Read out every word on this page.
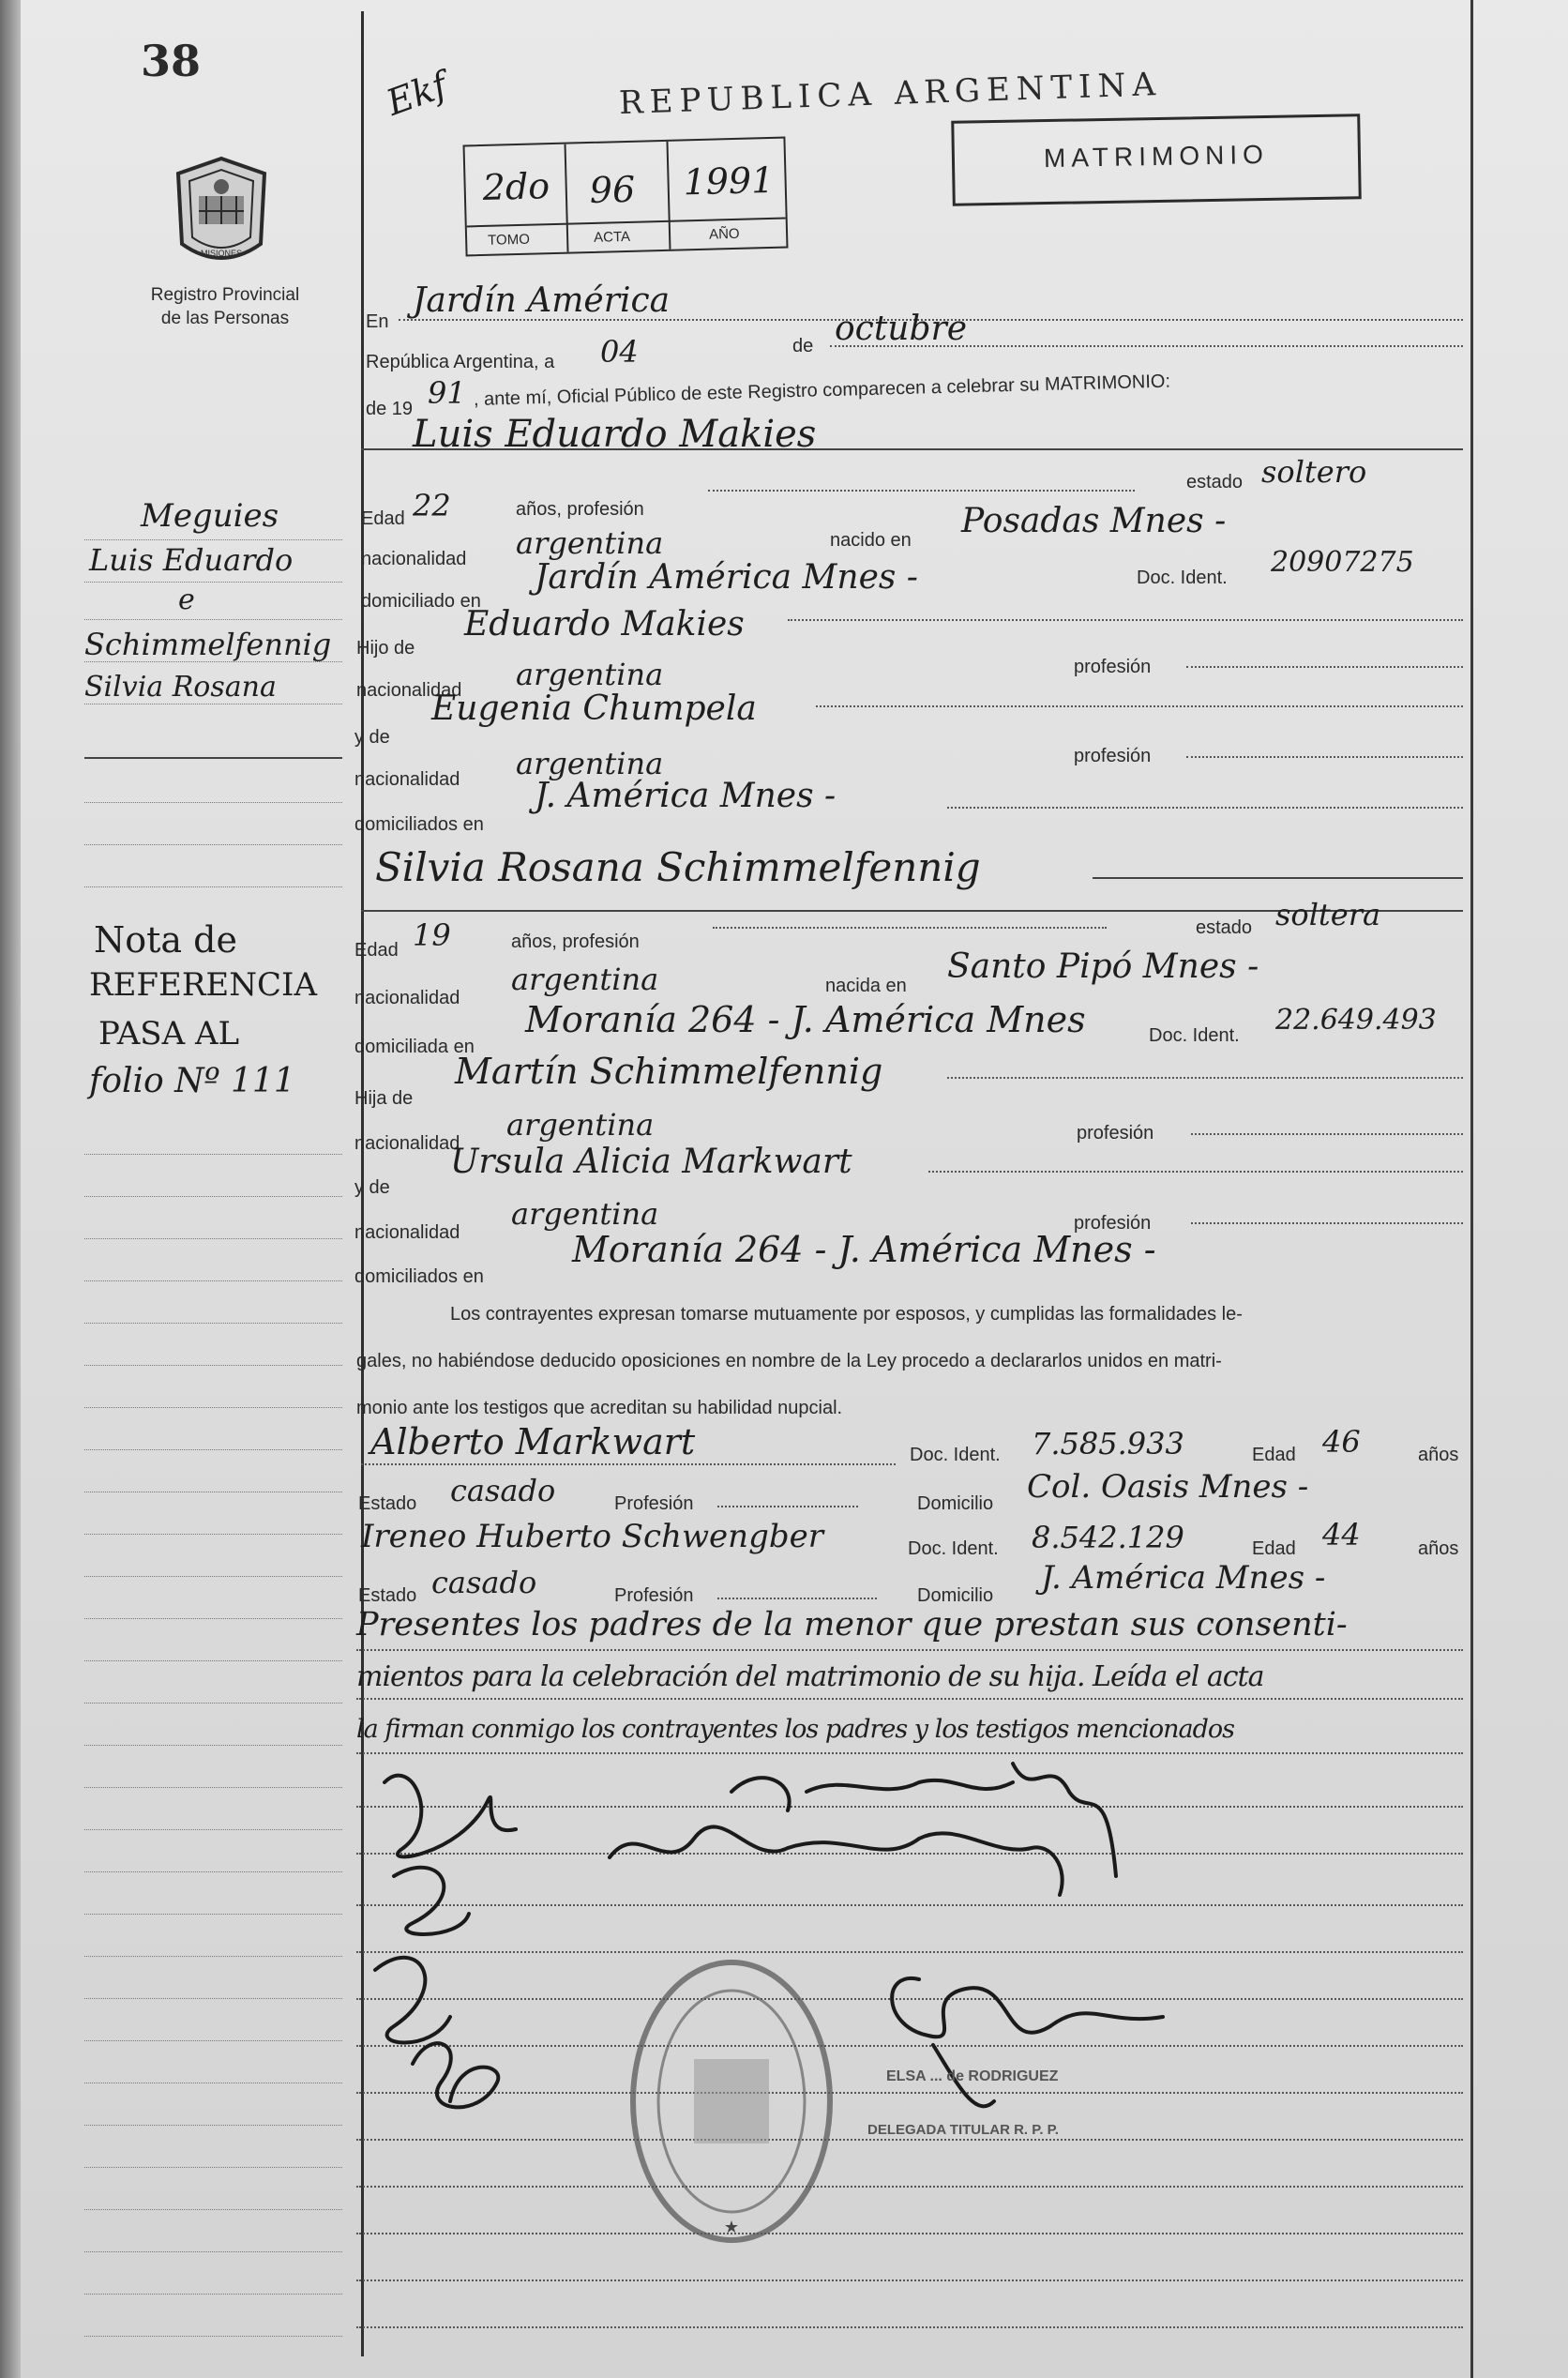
38
Ekf	REPUBLICA ARGENTINA
MATRIMONIO
2do 96 1991
TOMO	ACTA	AÑO
MISIONES
Registro Provincial
de las Personas
Meguies
Luis Eduardo
e
Schimmelfennig
Silvia Rosana
Nota de
REFERENCIA
PASA AL
folio Nº 111
En
Jardín América
República Argentina, a 04	de octubre
de 19 91 , ante mí, Oficial Público de este Registro comparecen a celebrar su MATRIMONIO:
Luis Eduardo Makies
Edad 22	años, profesión
estado soltero
nacionalidad argentina	nacido en Posadas Mnes -
domiciliado en
Jardín América Mnes -	Doc. Ident. 20907275
Hijo de
Eduardo Makies
nacionalidad argentina	profesión
y de
Eugenia Chumpela
nacionalidad argentina	profesión
domiciliados en
J. América Mnes -
Silvia Rosana Schimmelfennig
Edad 19	años, profesión
estado soltera
nacionalidad
argentina	nacida en Santo Pipó Mnes -
domiciliada en
Moranía 264 - J. América Mnes	Doc. Ident. 22.649.493
Hija de
Martín Schimmelfennig
nacionalidad
argentina	profesión
y de
Ursula Alicia Markwart
nacionalidad
argentina	profesión
domiciliados en
Moranía 264 - J. América Mnes -
Los contrayentes expresan tomarse mutuamente por esposos, y cumplidas las formalidades le-
gales, no habiéndose deducido oposiciones en nombre de la Ley procedo a declararlos unidos en matri-
monio ante los testigos que acreditan su habilidad nupcial.
Alberto Markwart	Doc. Ident. 7.585.933	Edad 46	años
Estado casado	Profesión	Domicilio Col. Oasis Mnes -
Ireneo Huberto Schwengber	Doc. Ident. 8.542.129	Edad 44	años
Estado casado	Profesión	Domicilio J. América Mnes -
Presentes los padres de la menor que prestan sus consenti-
mientos para la celebración del matrimonio de su hija. Leída el acta
la firman conmigo los contrayentes los padres y los testigos mencionados
★
ELSA ... de RODRIGUEZ
DELEGADA TITULAR R. P. P.
